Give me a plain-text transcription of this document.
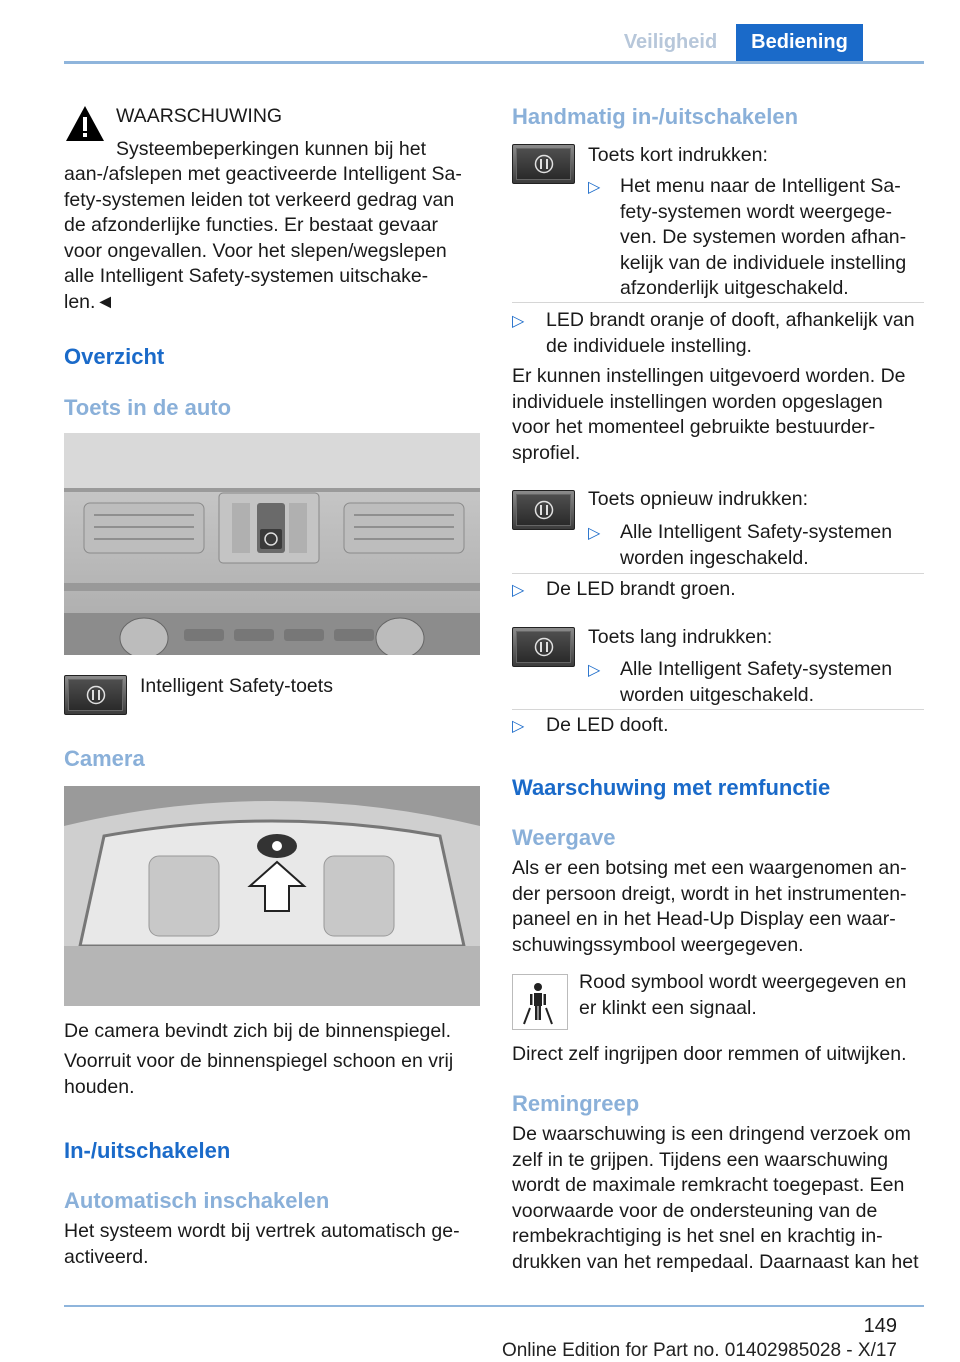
Veiligheid	Bediening
WAARSCHUWING
Systeembeperkingen kunnen bij het
aan-/afslepen met geactiveerde Intelligent Sa-
fety-systemen leiden tot verkeerd gedrag van
de afzonderlijke functies. Er bestaat gevaar
voor ongevallen. Voor het slepen/wegslepen
alle Intelligent Safety-systemen uitschake-
len.◄
Overzicht
Toets in de auto
Intelligent Safety-toets
Camera
De camera bevindt zich bij de binnenspiegel.
Voorruit voor de binnenspiegel schoon en vrij
houden.
In-/uitschakelen
Automatisch inschakelen
Het systeem wordt bij vertrek automatisch ge-
activeerd.
Handmatig in-/uitschakelen
Toets kort indrukken:
▷ Het menu naar de Intelligent Sa-
fety-systemen wordt weergege-
ven. De systemen worden afhan-
kelijk van de individuele instelling
afzonderlijk uitgeschakeld.
▷ LED brandt oranje of dooft, afhankelijk van
de individuele instelling.
Er kunnen instellingen uitgevoerd worden. De
individuele instellingen worden opgeslagen
voor het momenteel gebruikte bestuurder-
sprofiel.
Toets opnieuw indrukken:
▷ Alle Intelligent Safety-systemen
worden ingeschakeld.
▷ De LED brandt groen.
Toets lang indrukken:
▷ Alle Intelligent Safety-systemen
worden uitgeschakeld.
▷ De LED dooft.
Waarschuwing met remfunctie
Weergave
Als er een botsing met een waargenomen an-
der persoon dreigt, wordt in het instrumenten-
paneel en in het Head-Up Display een waar-
schuwingssymbool weergegeven.
Rood symbool wordt weergegeven en
er klinkt een signaal.
Direct zelf ingrijpen door remmen of uitwijken.
Remingreep
De waarschuwing is een dringend verzoek om
zelf in te grijpen. Tijdens een waarschuwing
wordt de maximale remkracht toegepast. Een
voorwaarde voor de ondersteuning van de
rembekrachtiging is het snel en krachtig in-
drukken van het rempedaal. Daarnaast kan het
149
Online Edition for Part no. 01402985028 - X/17
